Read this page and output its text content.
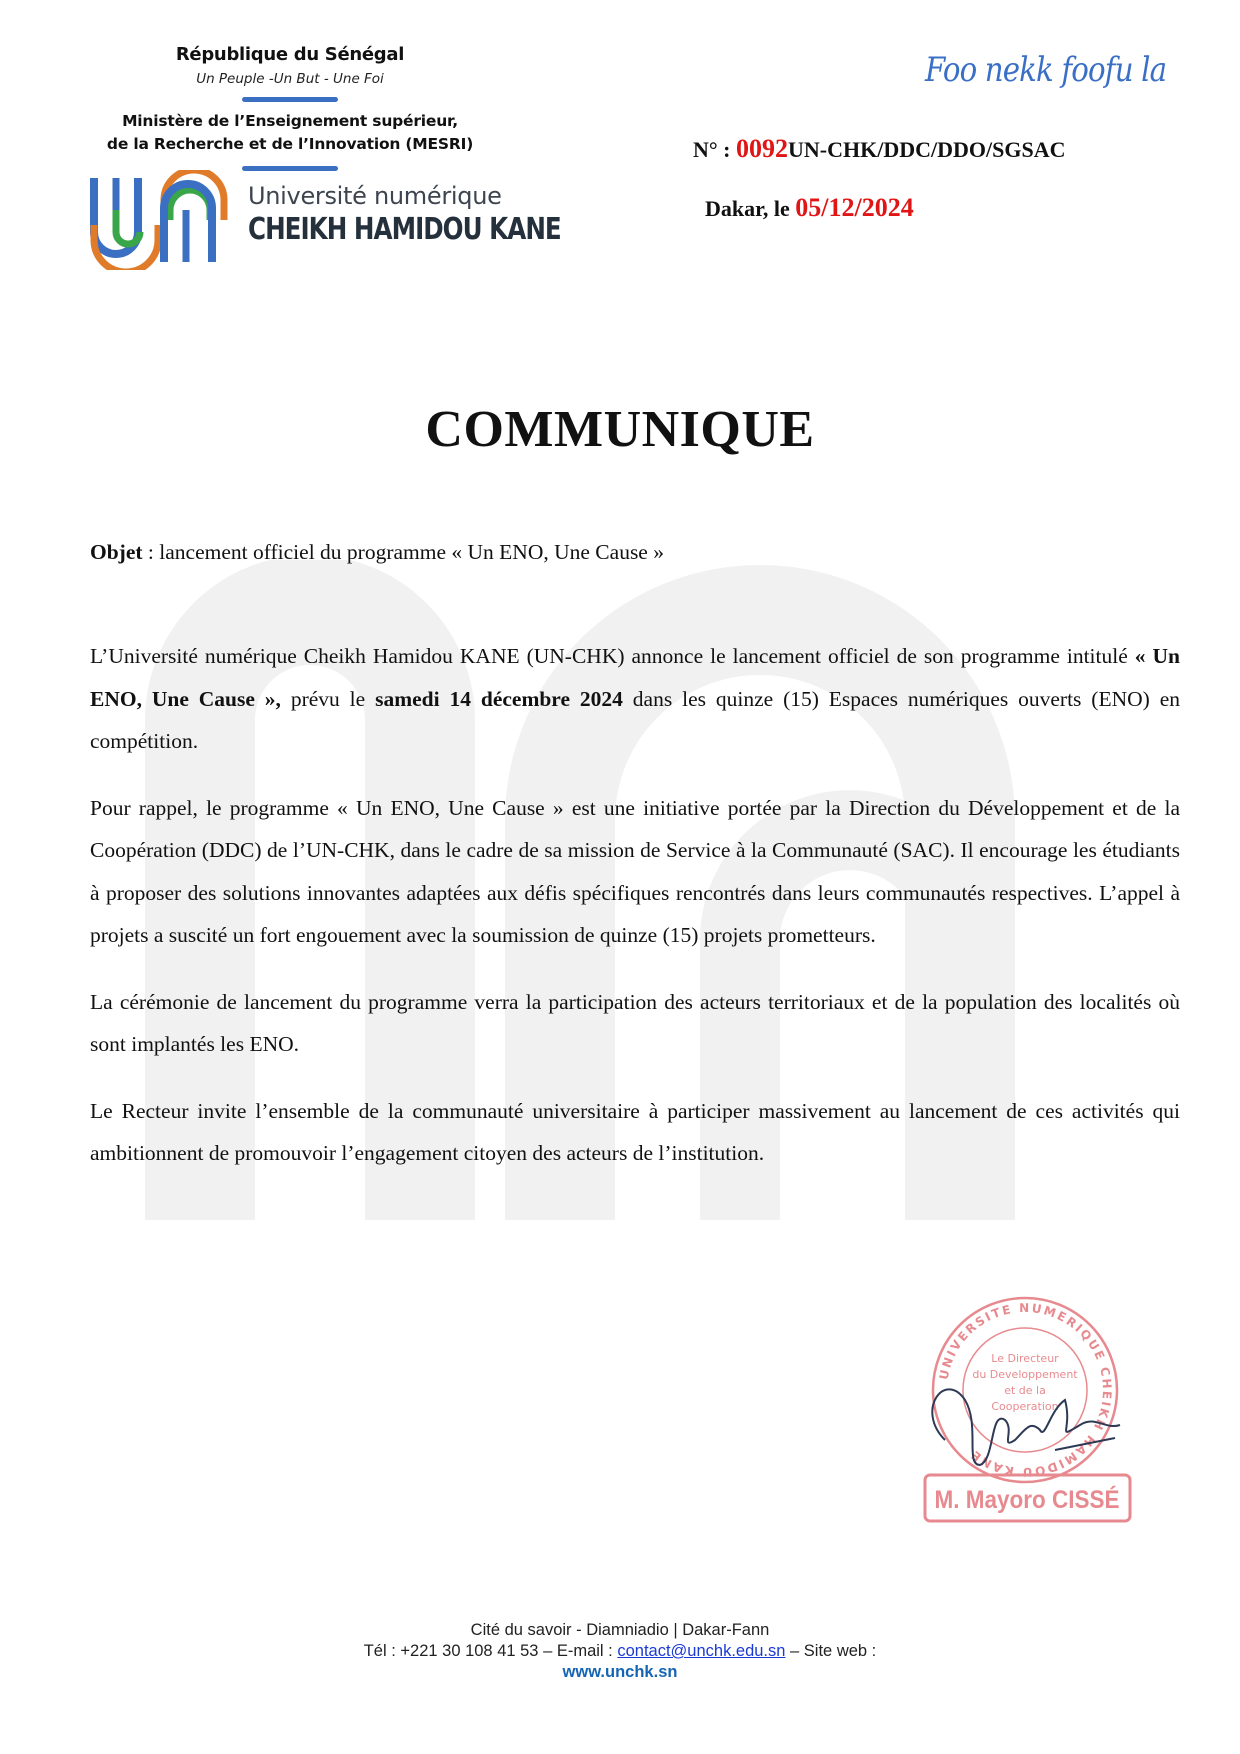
République du Sénégal
Un Peuple -Un But - Une Foi
Ministère de l’Enseignement supérieur,
de la Recherche et de l’Innovation (MESRI)
Université numérique
CHEIKH HAMIDOU KANE
Foo nekk foofu la
N° : 0092UN-CHK/DDC/DDO/SGSAC
Dakar, le 05/12/2024
COMMUNIQUE
Objet : lancement officiel du programme « Un ENO, Une Cause »

L’Université numérique Cheikh Hamidou KANE (UN-CHK) annonce le lancement officiel de son programme intitulé « Un ENO, Une Cause », prévu le samedi 14 décembre 2024 dans les quinze (15) Espaces numériques ouverts (ENO) en compétition.

Pour rappel, le programme « Un ENO, Une Cause » est une initiative portée par la Direction du Développement et de la Coopération (DDC) de l’UN-CHK, dans le cadre de sa mission de Service à la Communauté (SAC). Il encourage les étudiants à proposer des solutions innovantes adaptées aux défis spécifiques rencontrés dans leurs communautés respectives. L’appel à projets a suscité un fort engouement avec la soumission de quinze (15) projets prometteurs.

La cérémonie de lancement du programme verra la participation des acteurs territoriaux et de la population des localités où sont implantés les ENO.

Le Recteur invite l’ensemble de la communauté universitaire à participer massivement au lancement de ces activités qui ambitionnent de promouvoir l’engagement citoyen des acteurs de l’institution.

UNIVERSITE NUMERIQUE CHEIKH HAMIDOU KANE
Le Directeur
du Developpement
et de la
Cooperation
M. Mayoro CISSÉ
Cité du savoir - Diamniadio | Dakar-Fann
Tél : +221 30 108 41 53 – E-mail : contact@unchk.edu.sn – Site web :
www.unchk.sn
